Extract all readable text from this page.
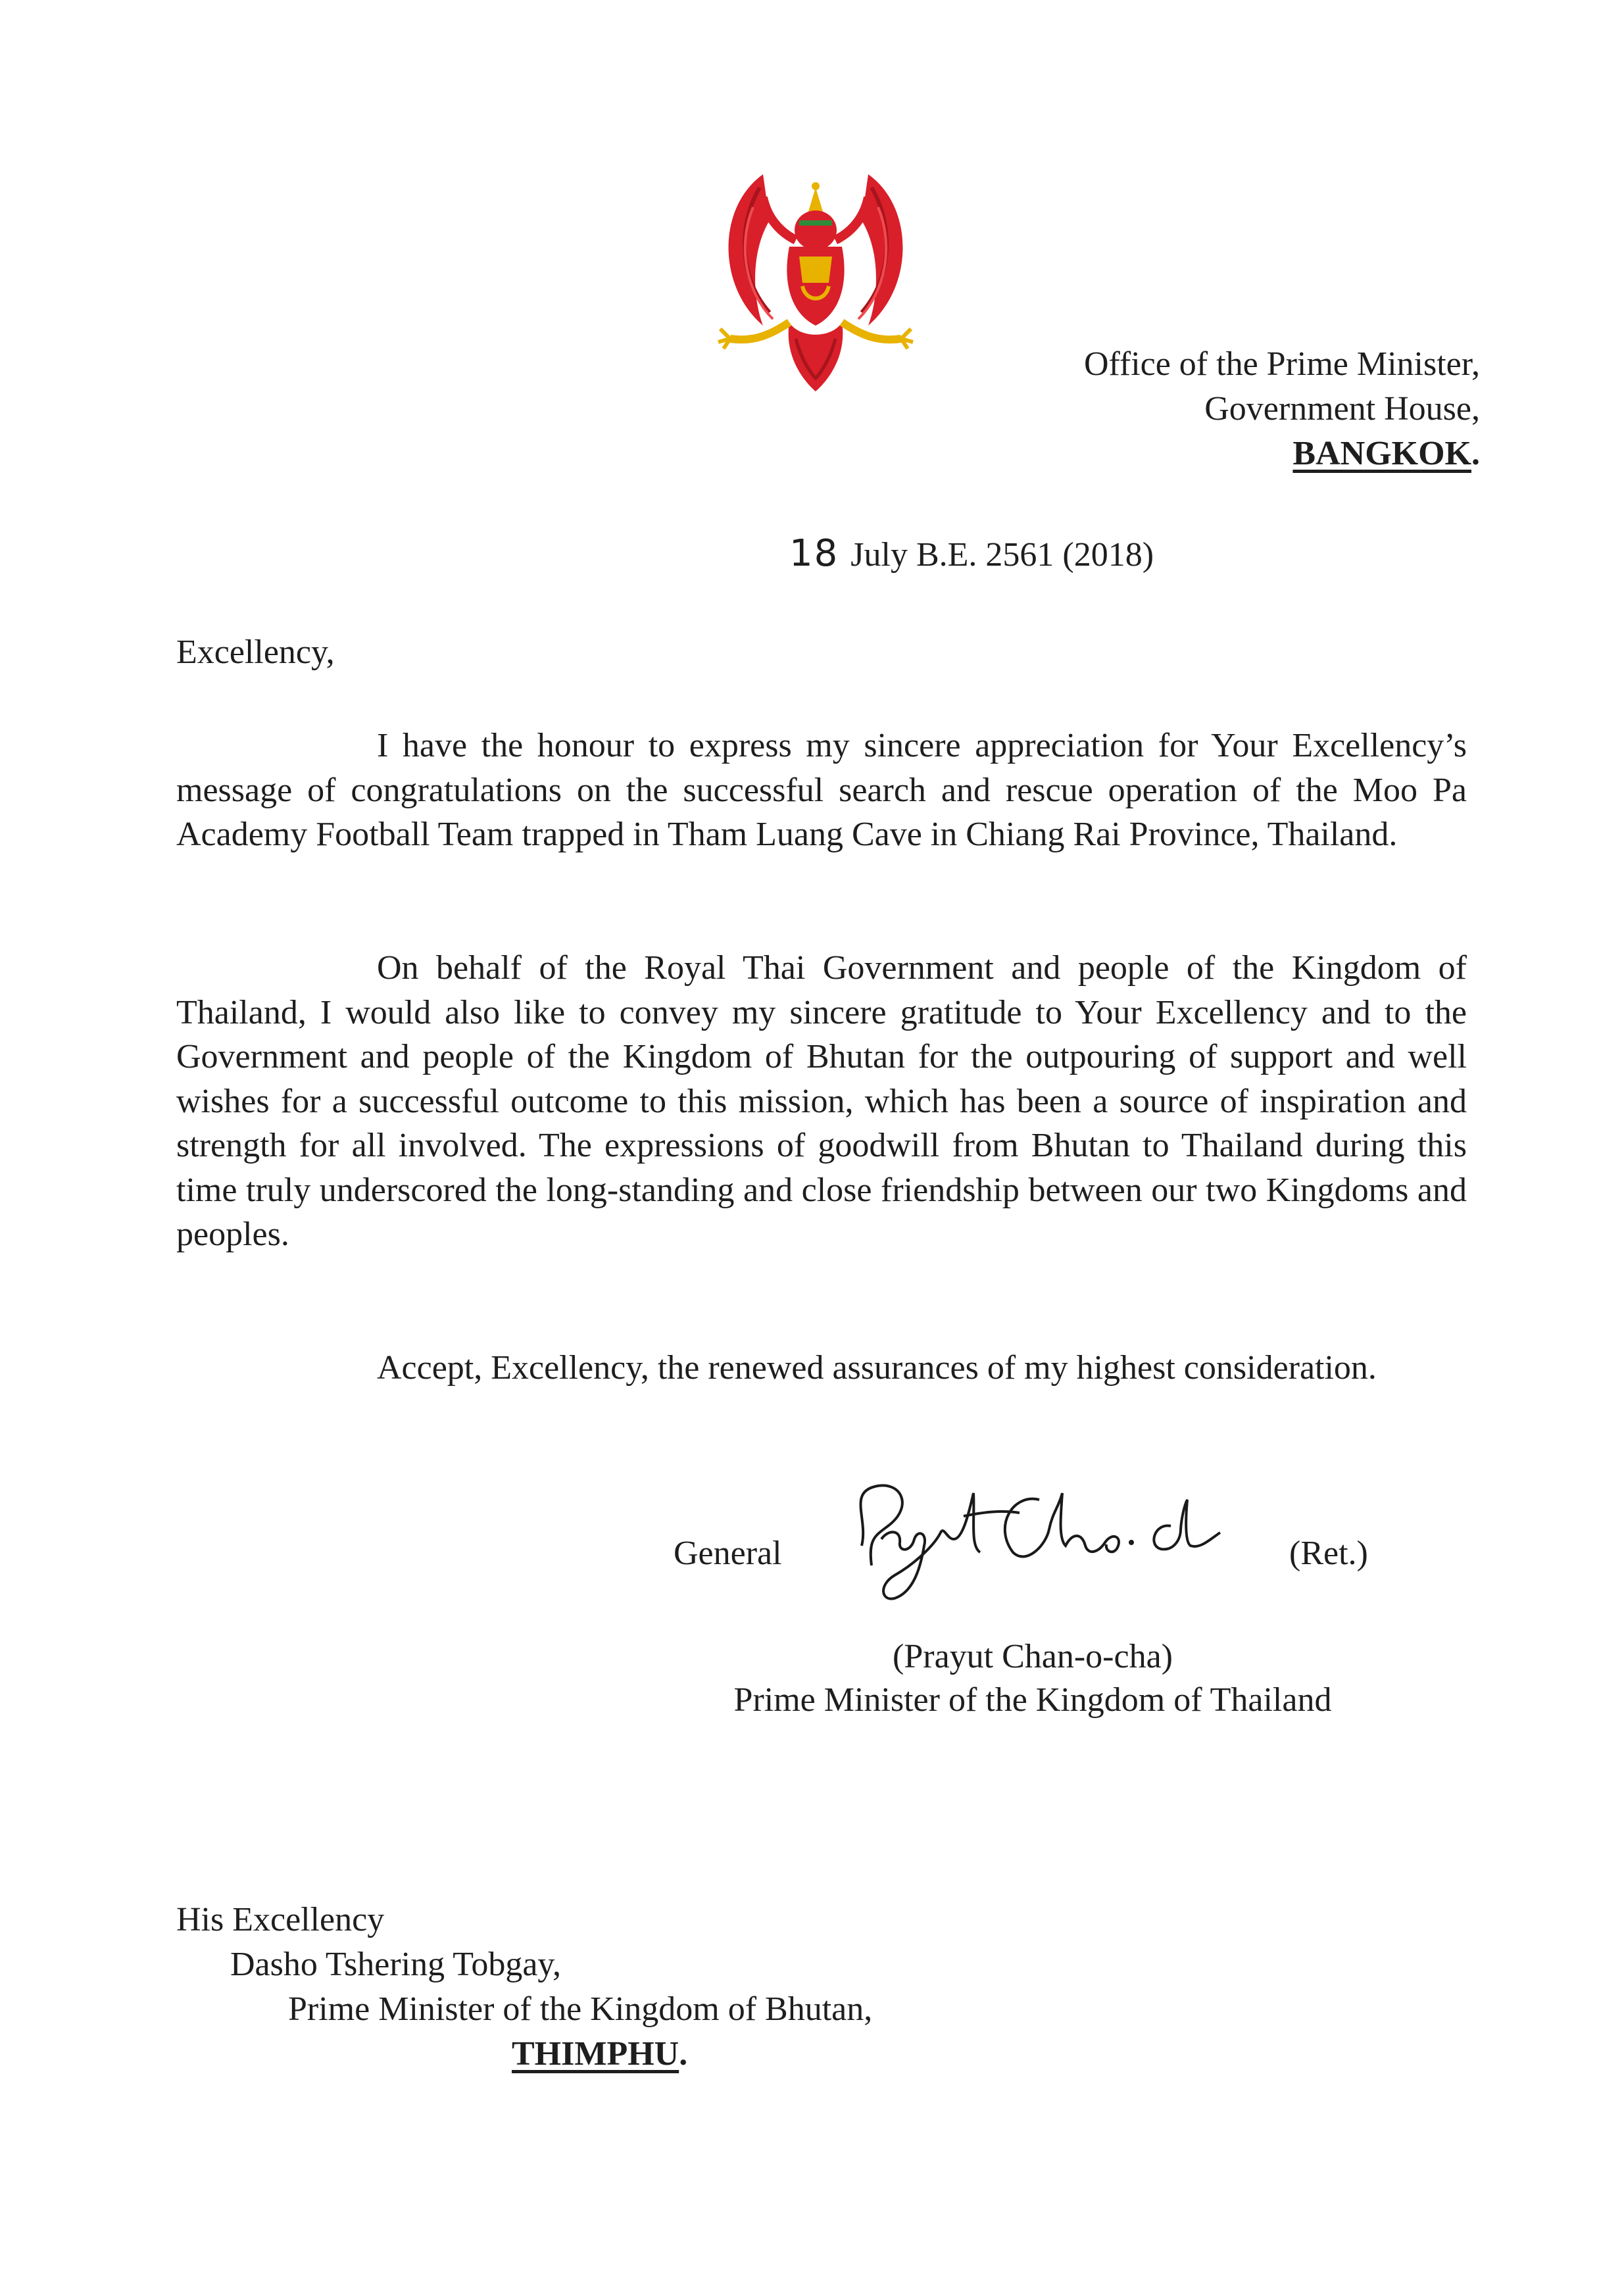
Office of the Prime Minister,
Government House,
BANGKOK.
18 July B.E. 2561 (2018)
Excellency,

I have the honour to express my sincere appreciation for Your Excellency’s message of congratulations on the successful search and rescue operation of the Moo Pa Academy Football Team trapped in Tham Luang Cave in Chiang Rai Province, Thailand.

On behalf of the Royal Thai Government and people of the Kingdom of Thailand, I would also like to convey my sincere gratitude to Your Excellency and to the Government and people of the Kingdom of Bhutan for the outpouring of support and well wishes for a successful outcome to this mission, which has been a source of inspiration and strength for all involved. The expressions of goodwill from Bhutan to Thailand during this time truly underscored the long-standing and close friendship between our two Kingdoms and peoples.

Accept, Excellency, the renewed assurances of my highest consideration.

General	(Ret.)
(Prayut Chan-o-cha)
Prime Minister of the Kingdom of Thailand
His Excellency
Dasho Tshering Tobgay,
Prime Minister of the Kingdom of Bhutan,
THIMPHU.
